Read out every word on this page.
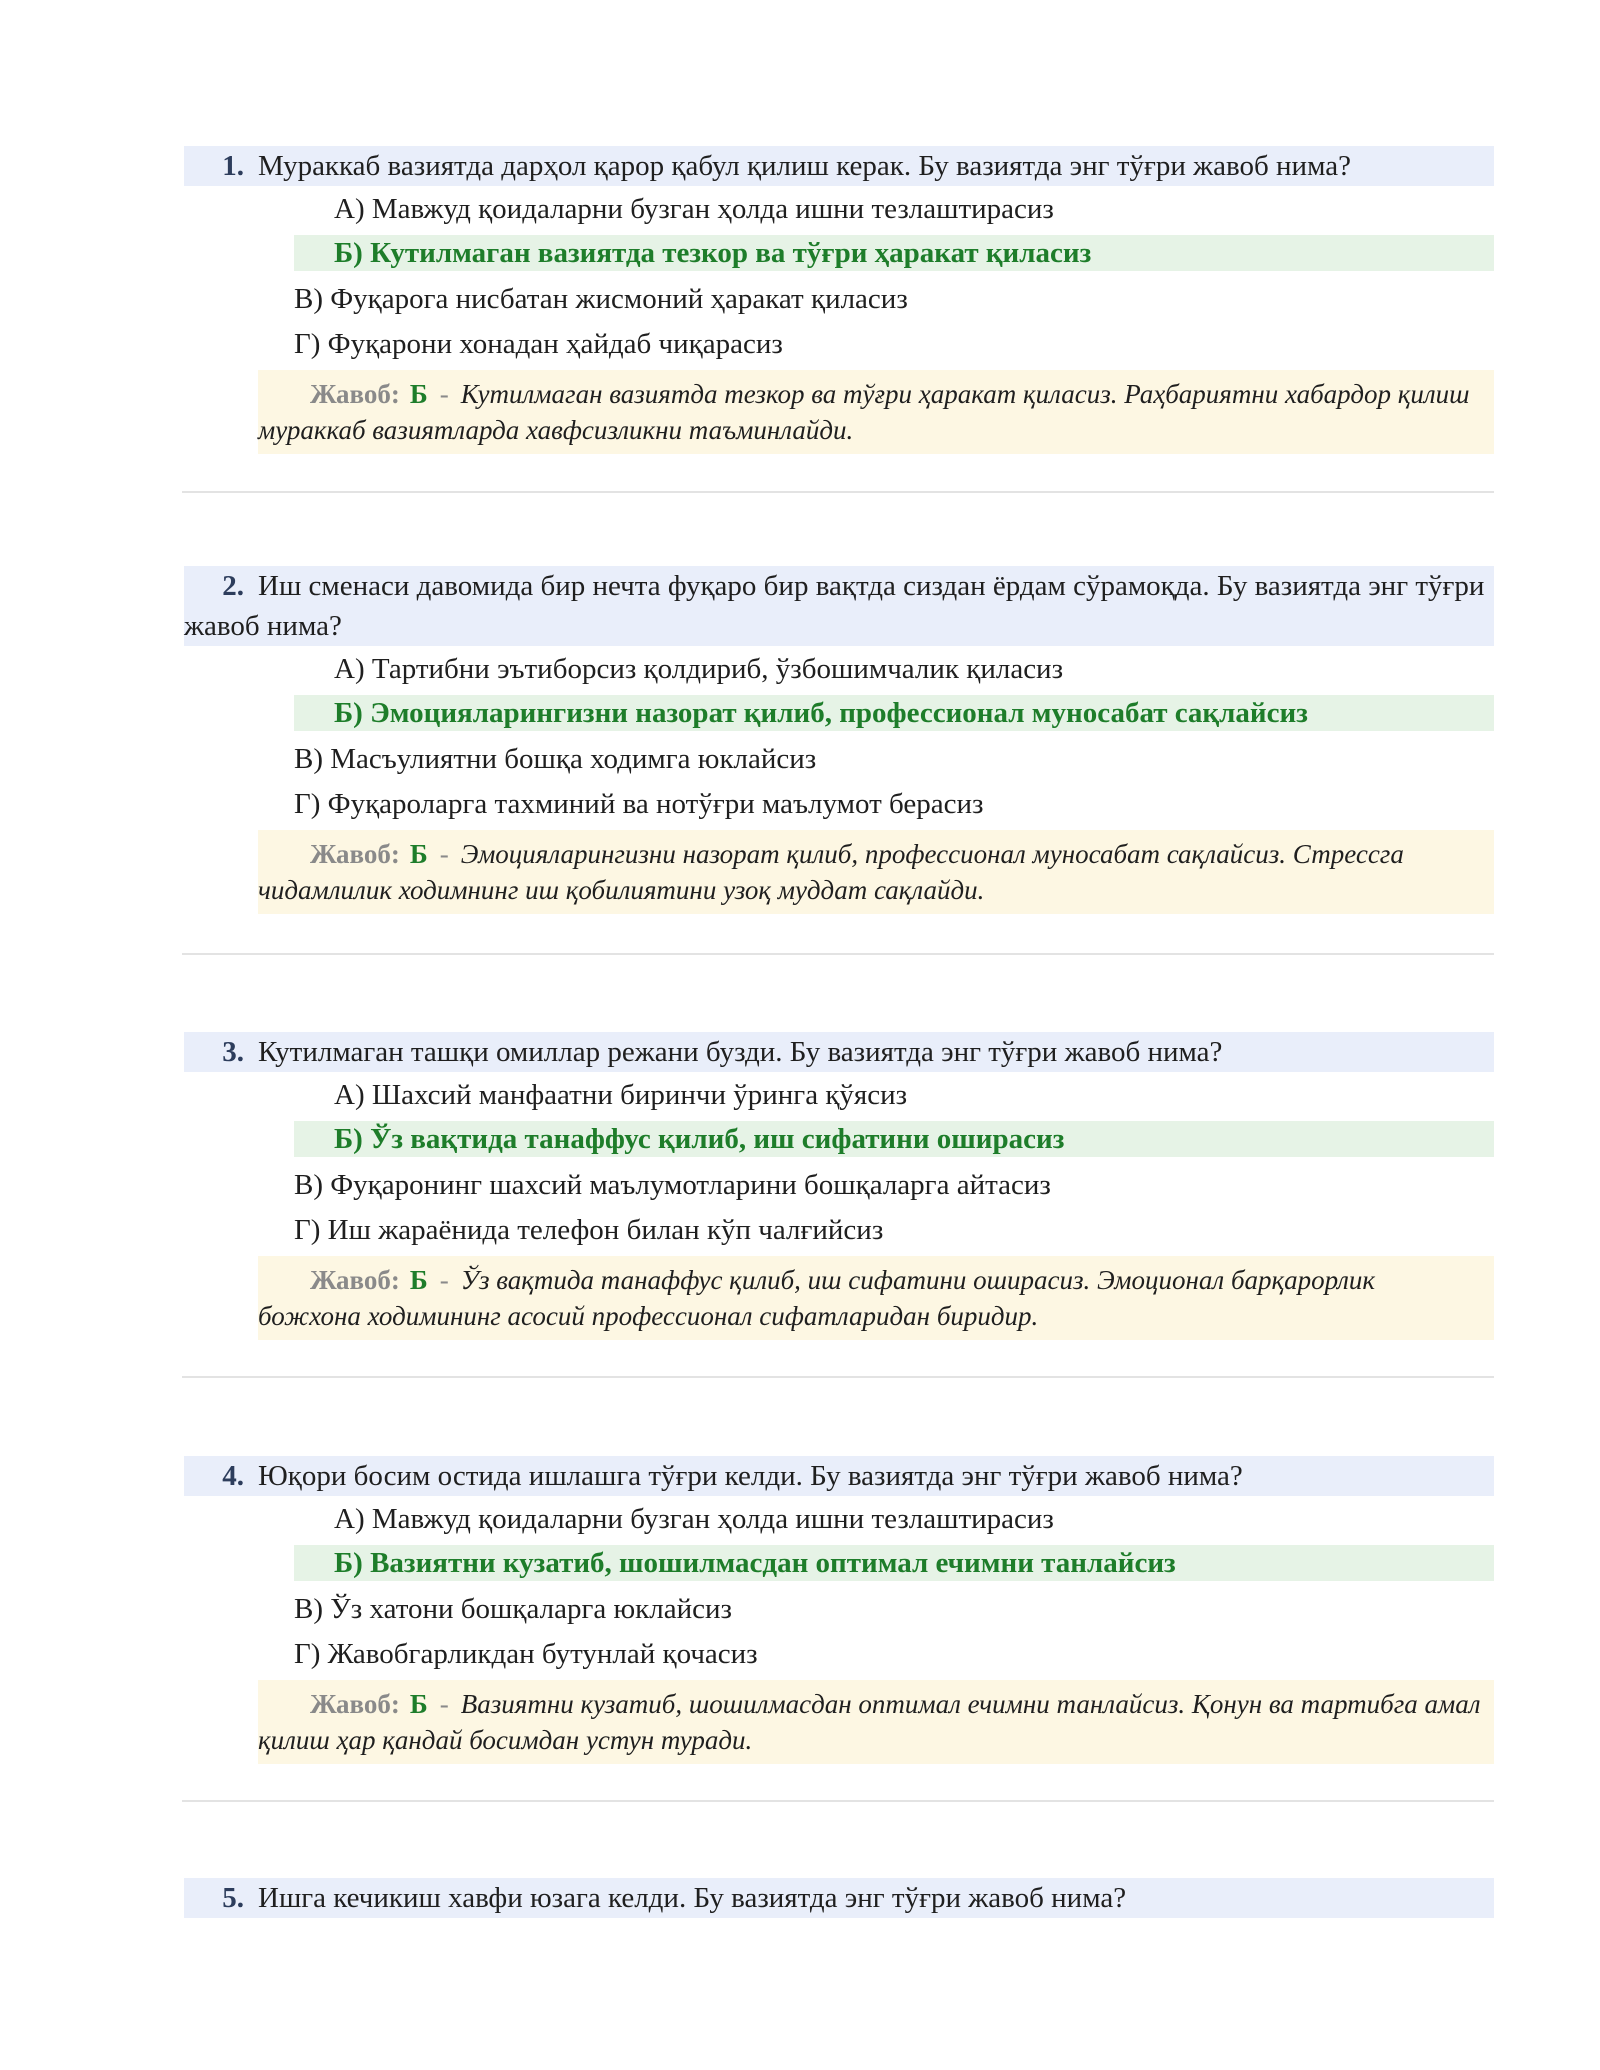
1. Мураккаб вазиятда дарҳол қарор қабул қилиш керак. Бу вазиятда энг тўғри жавоб нима?
А) Мавжуд қоидаларни бузган ҳолда ишни тезлаштирасиз
Б) Кутилмаган вазиятда тезкор ва тўғри ҳаракат қиласиз
В) Фуқарога нисбатан жисмоний ҳаракат қиласиз
Г) Фуқарони хонадан ҳайдаб чиқарасиз
Жавоб: Б - Кутилмаган вазиятда тезкор ва тўғри ҳаракат қиласиз. Раҳбариятни хабардор қилиш мураккаб вазиятларда хавфсизликни таъминлайди.
2. Иш сменаси давомида бир нечта фуқаро бир вақтда сиздан ёрдам сўрамоқда. Бу вазиятда энг тўғри жавоб нима?
А) Тартибни эътиборсиз қолдириб, ўзбошимчалик қиласиз
Б) Эмоцияларингизни назорат қилиб, профессионал муносабат сақлайсиз
В) Масъулиятни бошқа ходимга юклайсиз
Г) Фуқароларга тахминий ва нотўғри маълумот берасиз
Жавоб: Б - Эмоцияларингизни назорат қилиб, профессионал муносабат сақлайсиз. Стрессга чидамлилик ходимнинг иш қобилиятини узоқ муддат сақлайди.
3. Кутилмаган ташқи омиллар режани бузди. Бу вазиятда энг тўғри жавоб нима?
А) Шахсий манфаатни биринчи ўринга қўясиз
Б) Ўз вақтида танаффус қилиб, иш сифатини оширасиз
В) Фуқаронинг шахсий маълумотларини бошқаларга айтасиз
Г) Иш жараёнида телефон билан кўп чалғийсиз
Жавоб: Б - Ўз вақтида танаффус қилиб, иш сифатини оширасиз. Эмоционал барқарорлик божхона ходимининг асосий профессионал сифатларидан биридир.
4. Юқори босим остида ишлашга тўғри келди. Бу вазиятда энг тўғри жавоб нима?
А) Мавжуд қоидаларни бузган ҳолда ишни тезлаштирасиз
Б) Вазиятни кузатиб, шошилмасдан оптимал ечимни танлайсиз
В) Ўз хатони бошқаларга юклайсиз
Г) Жавобгарликдан бутунлай қочасиз
Жавоб: Б - Вазиятни кузатиб, шошилмасдан оптимал ечимни танлайсиз. Қонун ва тартибга амал қилиш ҳар қандай босимдан устун туради.
5. Ишга кечикиш хавфи юзага келди. Бу вазиятда энг тўғри жавоб нима?
